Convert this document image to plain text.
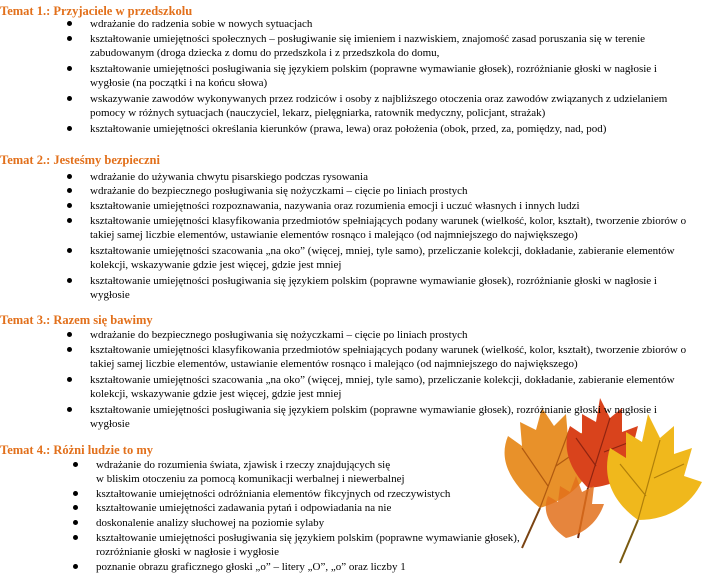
Temat 1.: Przyjaciele w przedszkolu
wdrażanie do radzenia sobie w nowych sytuacjach
kształtowanie umiejętności społecznych – posługiwanie się imieniem i nazwiskiem, znajomość zasad poruszania się w terenie zabudowanym (droga dziecka z domu do przedszkola i z przedszkola do domu,
kształtowanie umiejętności posługiwania się językiem polskim (poprawne wymawianie głosek), rozróżnianie głoski w nagłosie i wygłosie (na początki i na końcu słowa)
wskazywanie zawodów wykonywanych przez rodziców i osoby z najbliższego otoczenia oraz zawodów związanych z udzielaniem pomocy w różnych sytuacjach (nauczyciel, lekarz, pielęgniarka, ratownik medyczny, policjant, strażak)
kształtowanie umiejętności określania kierunków (prawa, lewa) oraz położenia (obok, przed, za, pomiędzy, nad, pod)
Temat 2.: Jesteśmy bezpieczni
wdrażanie do używania chwytu pisarskiego podczas rysowania
wdrażanie do bezpiecznego posługiwania się nożyczkami – cięcie po liniach prostych
kształtowanie umiejętności rozpoznawania, nazywania oraz rozumienia emocji i uczuć własnych i innych ludzi
kształtowanie umiejętności klasyfikowania przedmiotów spełniających podany warunek (wielkość, kolor, kształt), tworzenie zbiorów o takiej samej liczbie elementów, ustawianie elementów rosnąco i malejąco (od najmniejszego do największego)
kształtowanie umiejętności szacowania „na oko” (więcej, mniej, tyle samo), przeliczanie kolekcji, dokładanie, zabieranie elementów kolekcji, wskazywanie gdzie jest więcej, gdzie jest mniej
kształtowanie umiejętności posługiwania się językiem polskim (poprawne wymawianie głosek), rozróżnianie głoski w nagłosie i wygłosie
Temat 3.: Razem się bawimy
wdrażanie do bezpiecznego posługiwania się nożyczkami – cięcie po liniach prostych
kształtowanie umiejętności klasyfikowania przedmiotów spełniających podany warunek (wielkość, kolor, kształt), tworzenie zbiorów o takiej samej liczbie elementów, ustawianie elementów rosnąco i malejąco (od najmniejszego do największego)
kształtowanie umiejętności szacowania „na oko” (więcej, mniej, tyle samo), przeliczanie kolekcji, dokładanie, zabieranie elementów kolekcji, wskazywanie gdzie jest więcej, gdzie jest mniej
kształtowanie umiejętności posługiwania się językiem polskim (poprawne wymawianie głosek), rozróżnianie głoski w nagłosie i wygłosie
Temat 4.: Różni ludzie to my
wdrażanie do rozumienia świata, zjawisk i rzeczy znajdujących się
w bliskim otoczeniu za pomocą komunikacji werbalnej i niewerbalnej
kształtowanie umiejętności odróżniania elementów fikcyjnych od rzeczywistych
kształtowanie umiejętności zadawania pytań i odpowiadania na nie
doskonalenie analizy słuchowej na poziomie sylaby
kształtowanie umiejętności posługiwania się językiem polskim (poprawne wymawianie głosek),
rozróżnianie głoski w nagłosie i wygłosie
poznanie obrazu graficznego głoski „o” – litery „O”, „o” oraz liczby 1
